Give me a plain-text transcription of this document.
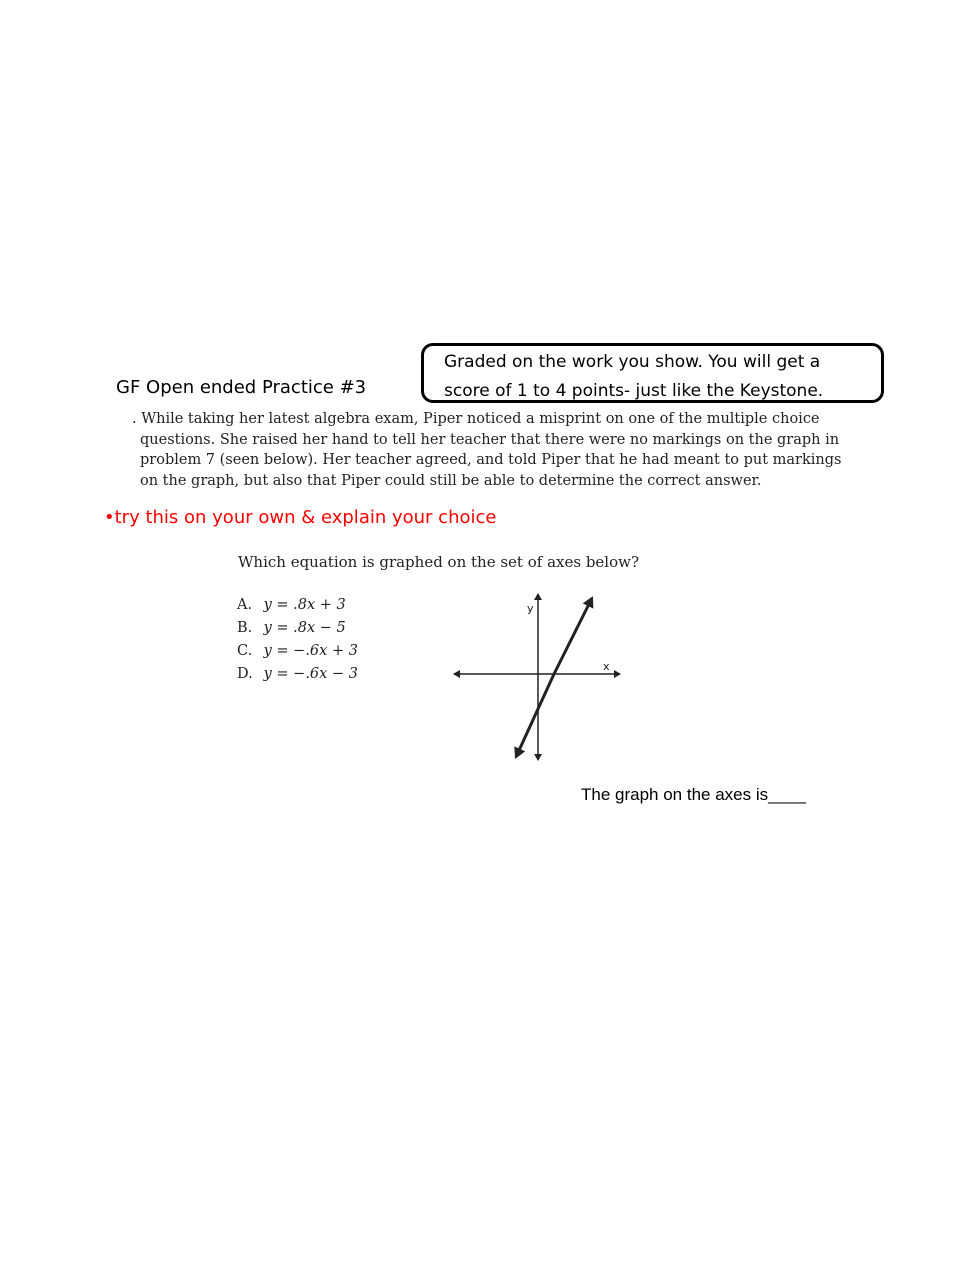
Graded on the work you show. You will get a
score of 1 to 4 points- just like the Keystone.
GF Open ended Practice #3
. While taking her latest algebra exam, Piper noticed a misprint on one of the multiple choice
questions. She raised her hand to tell her teacher that there were no markings on the graph in
problem 7 (seen below). Her teacher agreed, and told Piper that he had meant to put markings
on the graph, but also that Piper could still be able to determine the correct answer.
•try this on your own & explain your choice
Which equation is graphed on the set of axes below?
A. y = .8x + 3
B. y = .8x − 5
C. y = −.6x + 3
D. y = −.6x − 3	x
y
The graph on the axes is____
